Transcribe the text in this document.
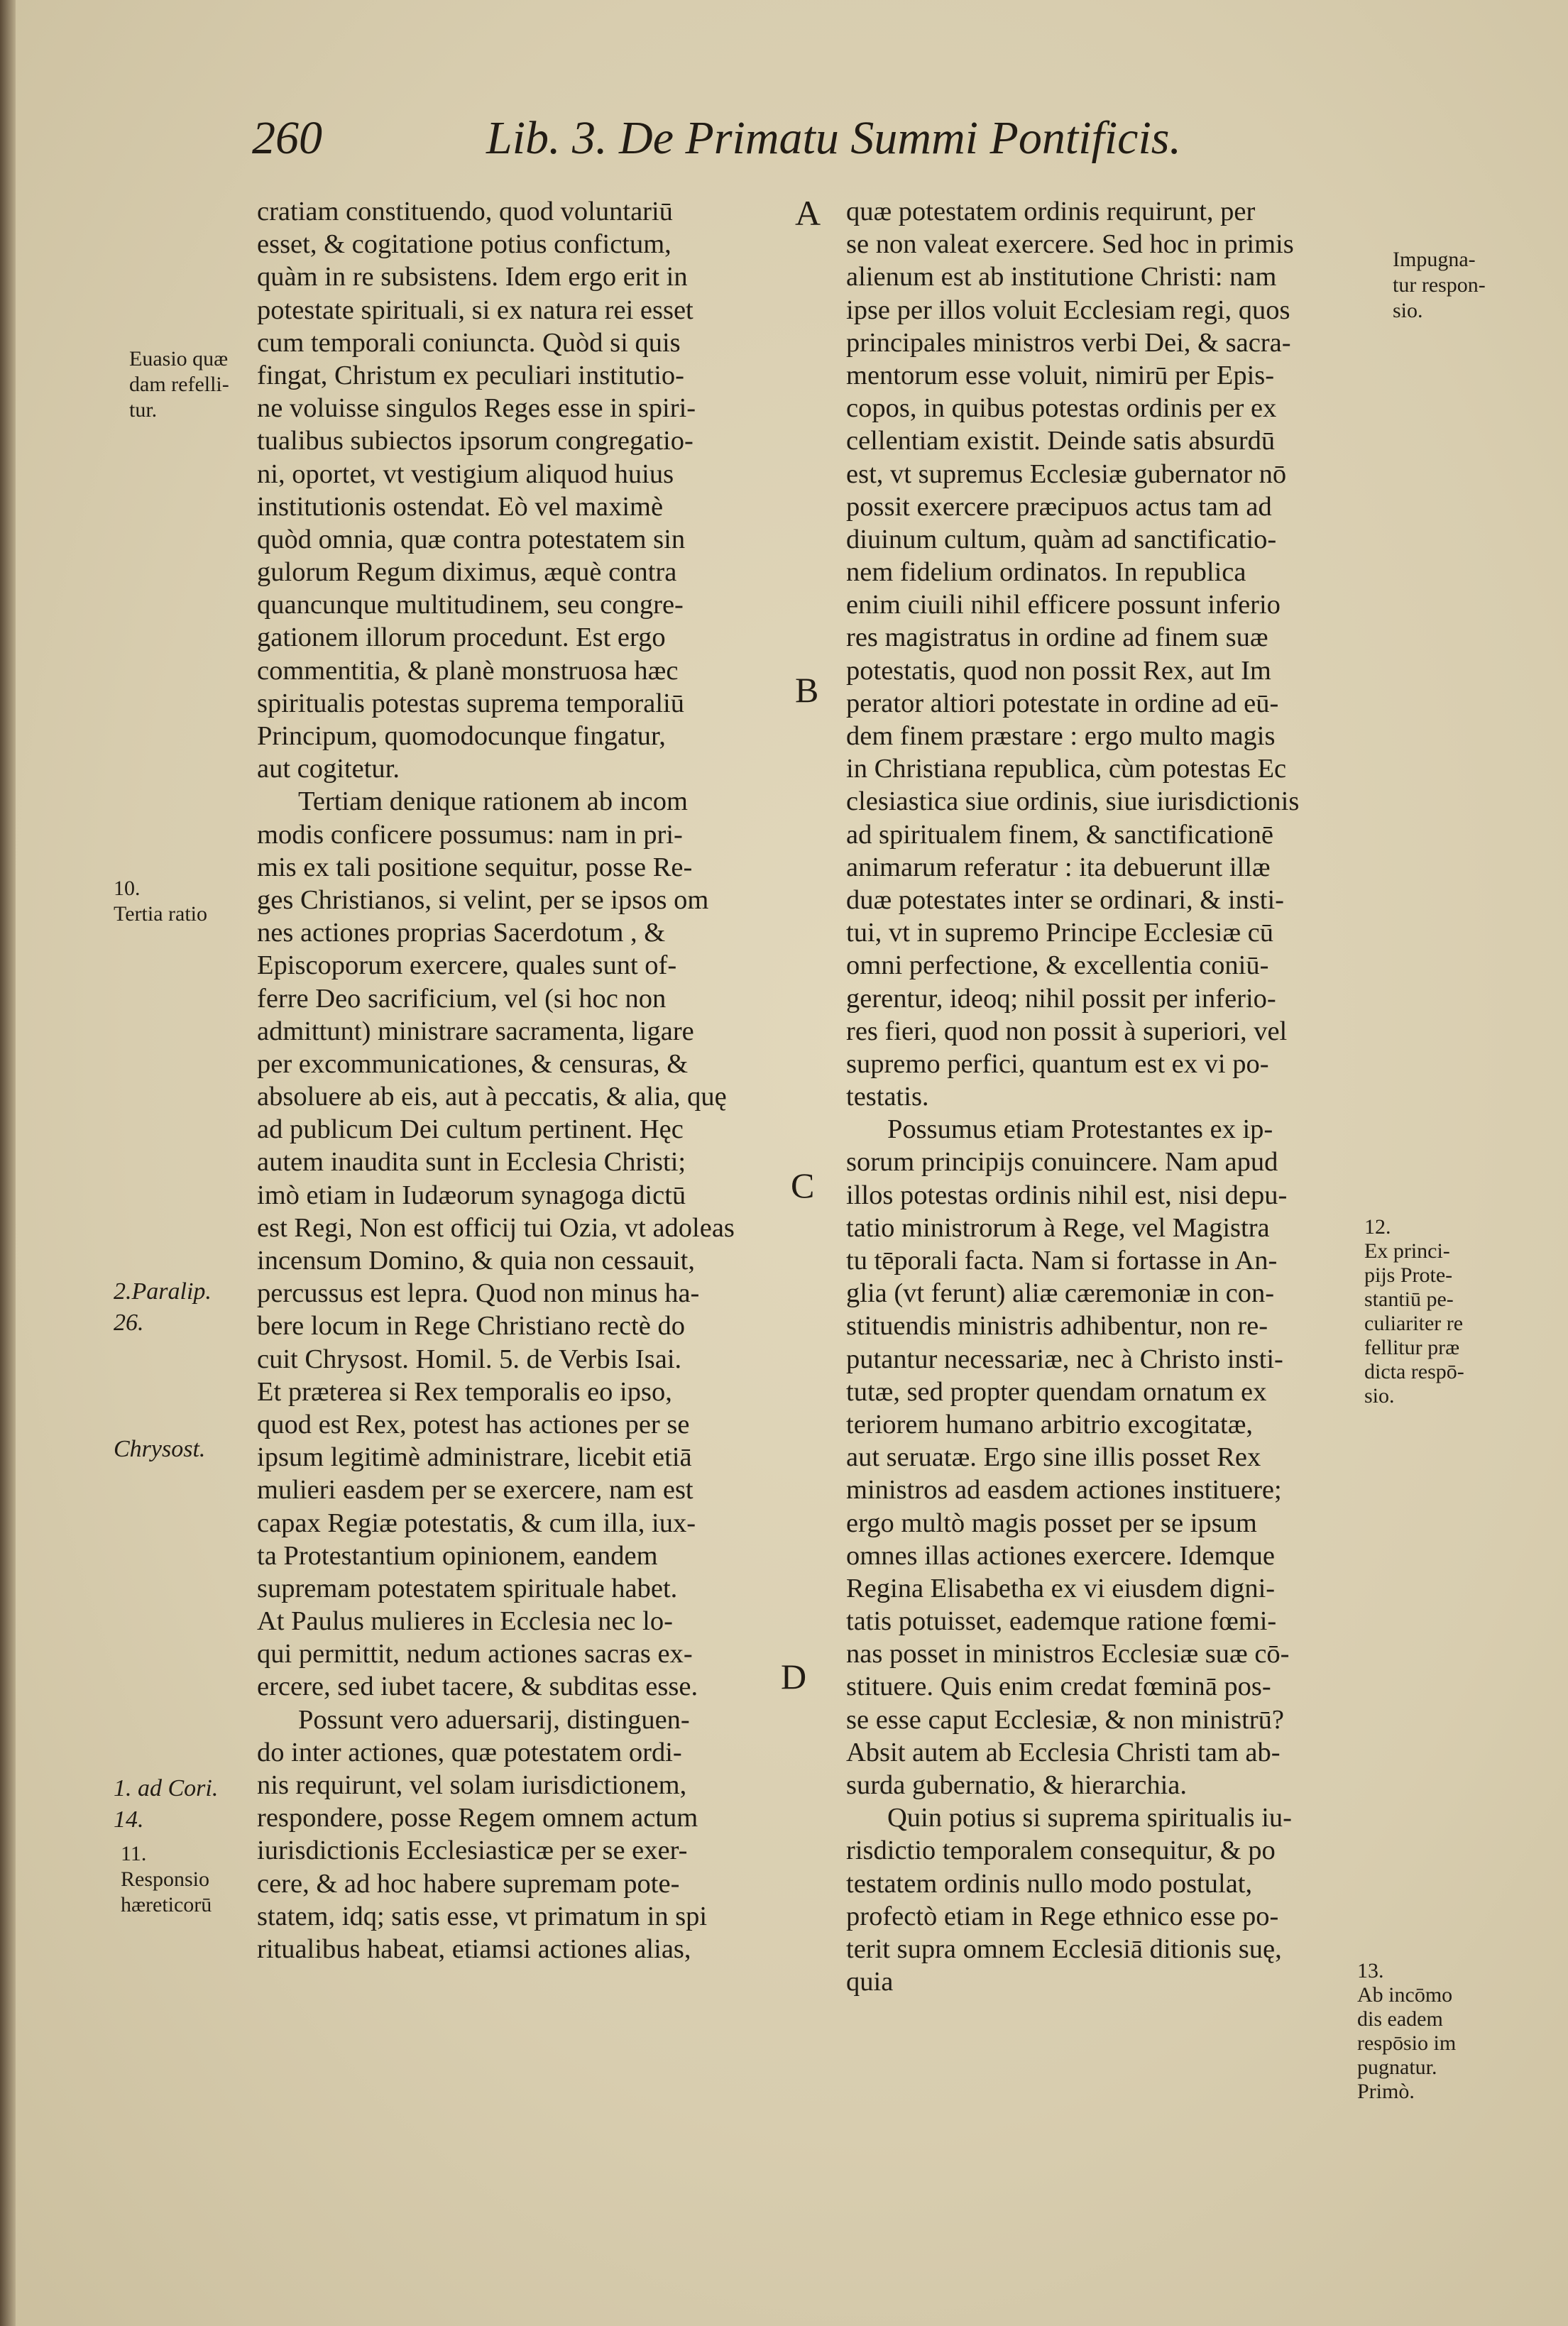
260	Lib. 3. De Primatu Summi Pontificis.
cratiam constituendo, quod voluntariū
esset, & cogitatione potius confictum,
quàm in re subsistens. Idem ergo erit in
potestate spirituali, si ex natura rei esset
cum temporali coniuncta. Quòd si quis
fingat, Christum ex peculiari institutio-
ne voluisse singulos Reges esse in spiri-
tualibus subiectos ipsorum congregatio-
ni, oportet, vt vestigium aliquod huius
institutionis ostendat. Eò vel maximè
quòd omnia, quæ contra potestatem sin
gulorum Regum diximus, æquè contra
quancunque multitudinem, seu congre-
gationem illorum procedunt. Est ergo
commentitia, & planè monstruosa hæc
spiritualis potestas suprema temporaliū
Principum, quomodocunque fingatur,
aut cogitetur.
Tertiam denique rationem ab incom
modis conficere possumus: nam in pri-
mis ex tali positione sequitur, posse Re-
ges Christianos, si velint, per se ipsos om
nes actiones proprias Sacerdotum , &
Episcoporum exercere, quales sunt of-
ferre Deo sacrificium, vel (si hoc non
admittunt) ministrare sacramenta, ligare
per excommunicationes, & censuras, &
absoluere ab eis, aut à peccatis, & alia, quę
ad publicum Dei cultum pertinent. Hęc
autem inaudita sunt in Ecclesia Christi;
imò etiam in Iudæorum synagoga dictū
est Regi, Non est officij tui Ozia, vt adoleas
incensum Domino, & quia non cessauit,
percussus est lepra. Quod non minus ha-
bere locum in Rege Christiano rectè do
cuit Chrysost. Homil. 5. de Verbis Isai.
Et præterea si Rex temporalis eo ipso,
quod est Rex, potest has actiones per se
ipsum legitimè administrare, licebit etiā
mulieri easdem per se exercere, nam est
capax Regiæ potestatis, & cum illa, iux-
ta Protestantium opinionem, eandem
supremam potestatem spirituale habet.
At Paulus mulieres in Ecclesia nec lo-
qui permittit, nedum actiones sacras ex-
ercere, sed iubet tacere, & subditas esse.
Possunt vero aduersarij, distinguen-
do inter actiones, quæ potestatem ordi-
nis requirunt, vel solam iurisdictionem,
respondere, posse Regem omnem actum
iurisdictionis Ecclesiasticæ per se exer-
cere, & ad hoc habere supremam pote-
statem, idq; satis esse, vt primatum in spi
ritualibus habeat, etiamsi actiones alias,
quæ potestatem ordinis requirunt, per
se non valeat exercere. Sed hoc in primis
alienum est ab institutione Christi: nam
ipse per illos voluit Ecclesiam regi, quos
principales ministros verbi Dei, & sacra-
mentorum esse voluit, nimirū per Epis-
copos, in quibus potestas ordinis per ex
cellentiam existit. Deinde satis absurdū
est, vt supremus Ecclesiæ gubernator nō
possit exercere præcipuos actus tam ad
diuinum cultum, quàm ad sanctificatio-
nem fidelium ordinatos. In republica
enim ciuili nihil efficere possunt inferio
res magistratus in ordine ad finem suæ
potestatis, quod non possit Rex, aut Im
perator altiori potestate in ordine ad eū-
dem finem præstare : ergo multo magis
in Christiana republica, cùm potestas Ec
clesiastica siue ordinis, siue iurisdictionis
ad spiritualem finem, & sanctificationē
animarum referatur : ita debuerunt illæ
duæ potestates inter se ordinari, & insti-
tui, vt in supremo Principe Ecclesiæ cū
omni perfectione, & excellentia coniū-
gerentur, ideoq; nihil possit per inferio-
res fieri, quod non possit à superiori, vel
supremo perfici, quantum est ex vi po-
testatis.
Possumus etiam Protestantes ex ip-
sorum principijs conuincere. Nam apud
illos potestas ordinis nihil est, nisi depu-
tatio ministrorum à Rege, vel Magistra
tu tēporali facta. Nam si fortasse in An-
glia (vt ferunt) aliæ cæremoniæ in con-
stituendis ministris adhibentur, non re-
putantur necessariæ, nec à Christo insti-
tutæ, sed propter quendam ornatum ex
teriorem humano arbitrio excogitatæ,
aut seruatæ. Ergo sine illis posset Rex
ministros ad easdem actiones instituere;
ergo multò magis posset per se ipsum
omnes illas actiones exercere. Idemque
Regina Elisabetha ex vi eiusdem digni-
tatis potuisset, eademque ratione fœmi-
nas posset in ministros Ecclesiæ suæ cō-
stituere. Quis enim credat fœminā pos-
se esse caput Ecclesiæ, & non ministrū?
Absit autem ab Ecclesia Christi tam ab-
surda gubernatio, & hierarchia.
Quin potius si suprema spiritualis iu-
risdictio temporalem consequitur, & po
testatem ordinis nullo modo postulat,
profectò etiam in Rege ethnico esse po-
terit supra omnem Ecclesiā ditionis suę,
quia
Euasio quæ
dam refelli-
tur.
10.
Tertia ratio
2.Paralip.
26.
Chrysost.
1. ad Cori.
14.
11.
Responsio
hæreticorū
Impugna-
tur respon-
sio.
12.
Ex princi-
pijs Prote-
stantiū pe-
culiariter re
fellitur præ
dicta respō-
sio.
13.
Ab incōmo
dis eadem
respōsio im
pugnatur.
Primò.
A
B
C
D
